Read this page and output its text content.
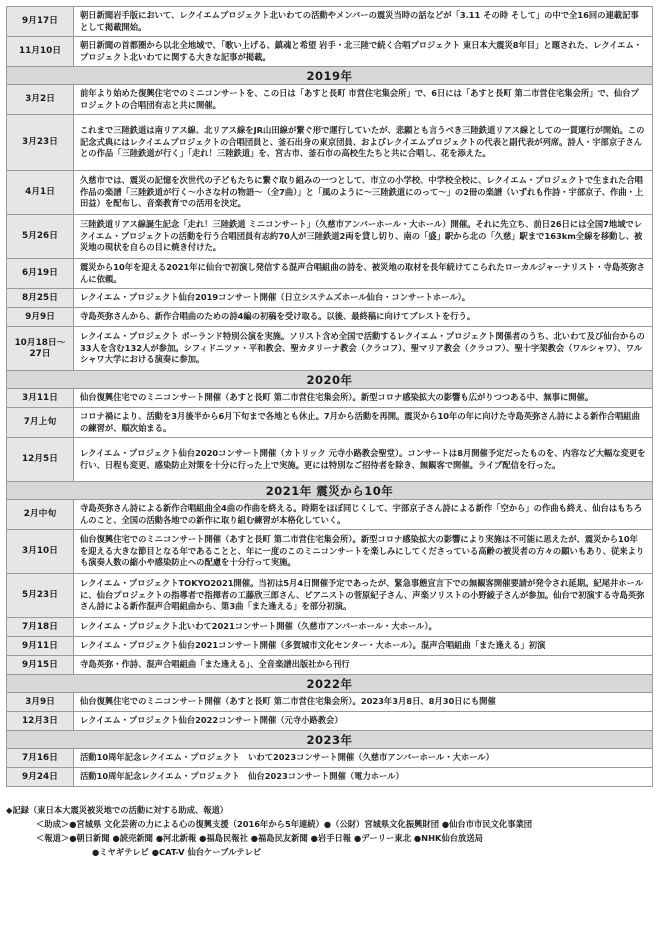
9月17日	朝日新聞岩手版において、レクイエムプロジェクト北いわての活動やメンバーの震災当時の話などが「3.11 その時 そして」の中で全16回の連載記事として掲載開始。
11月10日	朝日新聞の首都圏から以北全地域で、「歌い上げる、鎮魂と希望 岩手・北三陸で続く合唱プロジェクト 東日本大震災8年目」と題された、レクイエム・プロジェクト北いわてに関する大きな記事が掲載。
2019年	
3月2日	前年より始めた復興住宅でのミニコンサートを、この日は「あすと長町 市営住宅集会所」で、6日には「あすと長町 第二市営住宅集会所」で、仙台プロジェクトの合唱団有志と共に開催。
3月23日	これまで三陸鉄道は南リアス線、北リアス線をJR山田線が繋ぐ形で運行していたが、悲願とも言うべき三陸鉄道リアス線としての一貫運行が開始。この記念式典にはレクイエムプロジェクトの合唱団員と、釜石出身の東京団員、およびレクイエムプロジェクトの代表と副代表が列席。詩人・宇部京子さんとの作品「三陸鉄道が行く」「走れ！三陸鉄道」を、宮古市、釜石市の高校生たちと共に合唱し、花を添えた。
4月1日	久慈市では、震災の記憶を次世代の子どもたちに繋ぐ取り組みの一つとして、市立の小学校、中学校全校に、レクイエム・プロジェクトで生まれた合唱作品の楽譜「三陸鉄道が行く〜小さな村の物語〜（全7曲）」と「風のように〜三陸鉄道にのって〜」の2冊の楽譜（いずれも作詩・宇部京子、作曲・上田益）を配布し、音楽教育での活用を決定。
5月26日	三陸鉄道リアス線誕生記念「走れ！三陸鉄道 ミニコンサート」（久慈市アンバーホール・大ホール）開催。それに先立ち、前日26日には全国7地域でレクイエム・プロジェクトの活動を行う合唱団員有志約70人が三陸鉄道2両を貸し切り、南の「盛」駅から北の「久慈」駅まで163km全線を移動し、被災地の現状を自らの目に焼き付けた。
6月19日	震災から10年を迎える2021年に仙台で初演し発信する混声合唱組曲の詩を、被災地の取材を長年続けてこられたローカルジャーナリスト・寺島英弥さんに依頼。
8月25日	レクイエム・プロジェクト仙台2019コンサート開催（日立システムズホール仙台・コンサートホール）。
9月9日	寺島英弥さんから、新作合唱曲のための詩4編の初稿を受け取る。以後、最終稿に向けてブレストを行う。
10月18日〜27日	レクイエム・プロジェクト ポーランド特別公演を実施。ソリスト含め全国で活動するレクイエム・プロジェクト関係者のうち、北いわて及び仙台からの33人を含む132人が参加。シフィドニツァ・平和教会、聖カタリーナ教会（クラコフ）、聖マリア教会（クラコフ）、聖十字架教会（ワルシャワ）、ワルシャワ大学における演奏に参加。
2020年	
3月11日	仙台復興住宅でのミニコンサート開催（あすと長町 第二市営住宅集会所）。新型コロナ感染拡大の影響も広がりつつある中、無事に開催。
7月上旬	コロナ禍により、活動を3月後半から6月下旬まで各地とも休止。7月から活動を再開。震災から10年の年に向けた寺島英弥さん詩による新作合唱組曲の練習が、順次始まる。
12月5日	レクイエム・プロジェクト仙台2020コンサート開催（カトリック 元寺小路教会聖堂）。コンサートは8月開催予定だったものを、内容など大幅な変更を行い、日程も変更、感染防止対策を十分に行った上で実施。更には特別なご招待者を除き、無観客で開催。ライブ配信を行った。
2021年 震災から10年	
2月中旬	寺島英弥さん詩による新作合唱組曲全4曲の作曲を終える。時期をほぼ同じくして、宇部京子さん詩による新作「空から」の作曲も終え、仙台はもちろんのこと、全国の活動各地での新作に取り組む練習が本格化していく。
3月10日	仙台復興住宅でのミニコンサート開催（あすと長町 第二市営住宅集会所）。新型コロナ感染拡大の影響により実施は不可能に思えたが、震災から10年を迎える大きな節目となる年であることと、年に一度のこのミニコンサートを楽しみにしてくださっている高齢の被災者の方々の願いもあり、従来よりも演奏人数の縮小や感染防止への配慮を十分行って実施。
5月23日	レクイエム・プロジェクトTOKYO2021開催。当初は5月4日開催予定であったが、緊急事態宣言下での無観客開催要請が発令され延期。紀尾井ホールに、仙台プロジェクトの指導者で指揮者の工藤欣三郎さん、ピアニストの菅原紀子さん、声楽ソリストの小野綾子さんが参加。仙台で初演する寺島英弥さん詩による新作混声合唱組曲から、第3曲「また逢える」を部分初演。
7月18日	レクイエム・プロジェクト北いわて2021コンサート開催（久慈市アンバーホール・大ホール）。
9月11日	レクイエム・プロジェクト仙台2021コンサート開催（多賀城市文化センター・大ホール）。混声合唱組曲「また逢える」初演
9月15日	寺島英弥・作詩、混声合唱組曲「また逢える」、全音楽譜出版社から刊行
2022年	
3月9日	仙台復興住宅でのミニコンサート開催（あすと長町 第二市営住宅集会所）。2023年3月8日、8月30日にも開催
12月3日	レクイエム・プロジェクト仙台2022コンサート開催（元寺小路教会）
2023年	
7月16日	活動10周年記念レクイエム・プロジェクト　いわて2023コンサート開催（久慈市アンバーホール・大ホール）
9月24日	活動10周年記念レクイエム・プロジェクト　仙台2023コンサート開催（電力ホール）
◆記録（東日本大震災被災地での活動に対する助成、報道）
＜助成＞●宮城県 文化芸術の力による心の復興支援（2016年から5年連続）●（公財）宮城県文化振興財団 ●仙台市市民文化事業団
＜報道＞●朝日新聞 ●読売新聞 ●河北新報 ●福島民報社 ●福島民友新聞 ●岩手日報 ●デーリー東北 ●NHK仙台放送局
●ミヤギテレビ ●CAT-V 仙台ケーブルテレビ
